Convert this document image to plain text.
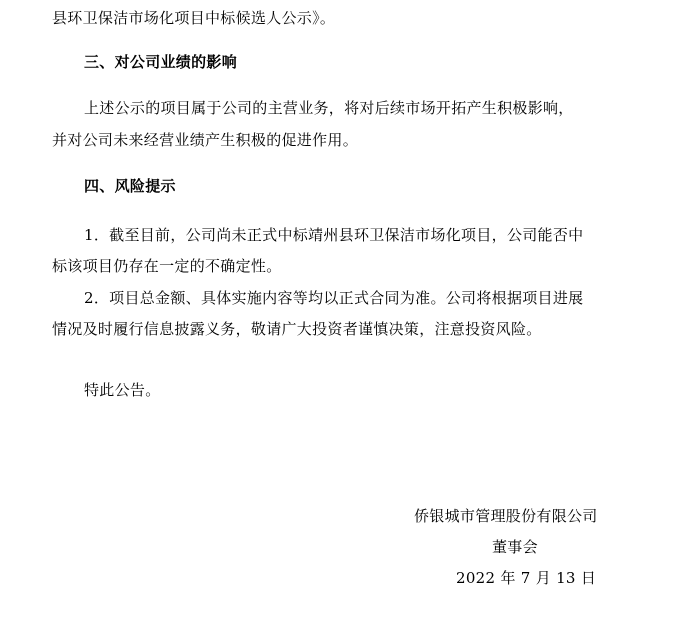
县环卫保洁市场化项目中标候选人公示》。
三、对公司业绩的影响
上述公示的项目属于公司的主营业务，将对后续市场开拓产生积极影响，
并对公司未来经营业绩产生积极的促进作用。
四、风险提示
1．截至目前，公司尚未正式中标靖州县环卫保洁市场化项目，公司能否中
标该项目仍存在一定的不确定性。
2．项目总金额、具体实施内容等均以正式合同为准。公司将根据项目进展
情况及时履行信息披露义务，敬请广大投资者谨慎决策，注意投资风险。
特此公告。
侨银城市管理股份有限公司
董事会
2022 年 7 月 13 日
